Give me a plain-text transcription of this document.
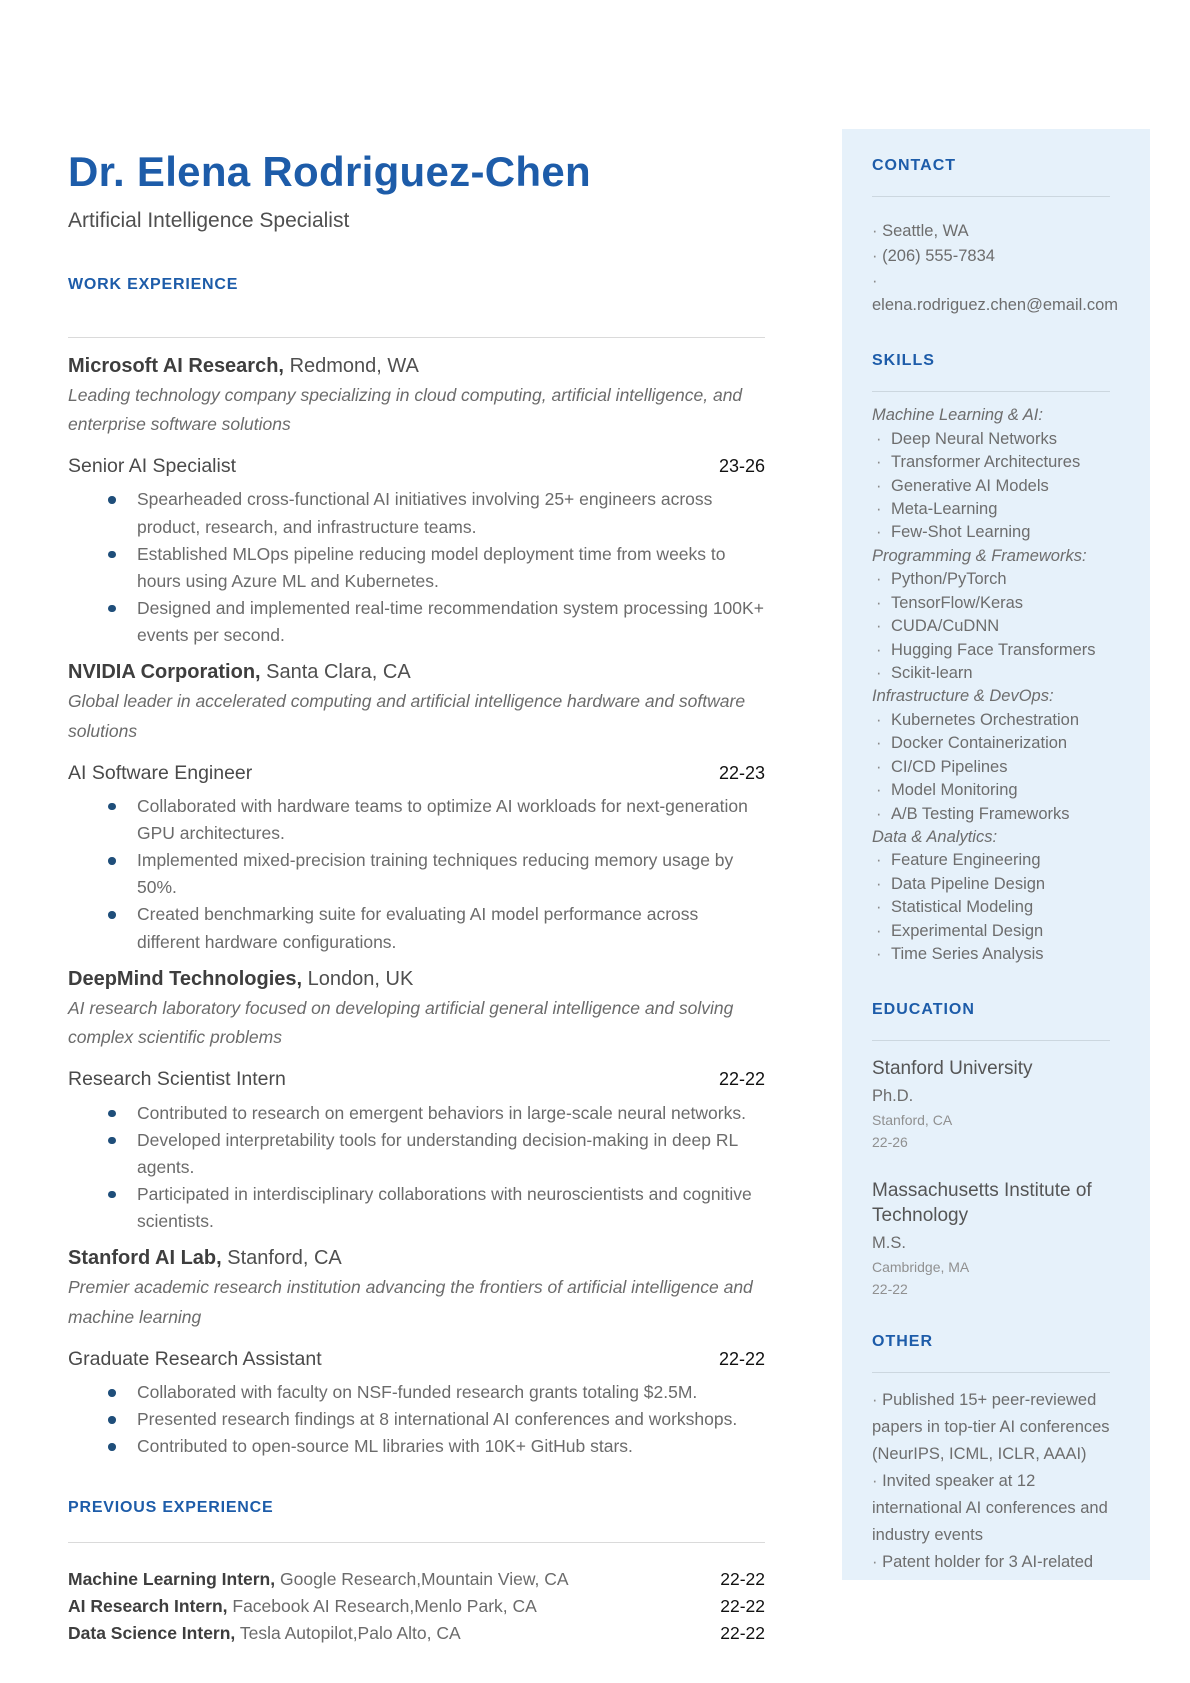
CONTACT
· Seattle, WA
· (206) 555-7834
· elena.rodriguez.chen@email.com
SKILLS
Machine Learning & AI:
· Deep Neural Networks
· Transformer Architectures
· Generative AI Models
· Meta-Learning
· Few-Shot Learning
Programming & Frameworks:
· Python/PyTorch
· TensorFlow/Keras
· CUDA/CuDNN
· Hugging Face Transformers
· Scikit-learn
Infrastructure & DevOps:
· Kubernetes Orchestration
· Docker Containerization
· CI/CD Pipelines
· Model Monitoring
· A/B Testing Frameworks
Data & Analytics:
· Feature Engineering
· Data Pipeline Design
· Statistical Modeling
· Experimental Design
· Time Series Analysis
EDUCATION
Stanford University
Ph.D.
Stanford, CA
22-26
Massachusetts Institute of Technology
M.S.
Cambridge, MA
22-22
OTHER
· Published 15+ peer-reviewed papers in top-tier AI conferences (NeurIPS, ICML, ICLR, AAAI)
· Invited speaker at 12 international AI conferences and industry events
· Patent holder for 3 AI-related
Dr. Elena Rodriguez-Chen
Artificial Intelligence Specialist
WORK EXPERIENCE
Microsoft AI Research, Redmond, WA
Leading technology company specializing in cloud computing, artificial intelligence, and enterprise software solutions
Senior AI Specialist	23-26
Spearheaded cross-functional AI initiatives involving 25+ engineers across product, research, and infrastructure teams.
Established MLOps pipeline reducing model deployment time from weeks to hours using Azure ML and Kubernetes.
Designed and implemented real-time recommendation system processing 100K+ events per second.
NVIDIA Corporation, Santa Clara, CA
Global leader in accelerated computing and artificial intelligence hardware and software solutions
AI Software Engineer	22-23
Collaborated with hardware teams to optimize AI workloads for next-generation GPU architectures.
Implemented mixed-precision training techniques reducing memory usage by 50%.
Created benchmarking suite for evaluating AI model performance across different hardware configurations.
DeepMind Technologies, London, UK
AI research laboratory focused on developing artificial general intelligence and solving complex scientific problems
Research Scientist Intern	22-22
Contributed to research on emergent behaviors in large-scale neural networks.
Developed interpretability tools for understanding decision-making in deep RL agents.
Participated in interdisciplinary collaborations with neuroscientists and cognitive scientists.
Stanford AI Lab, Stanford, CA
Premier academic research institution advancing the frontiers of artificial intelligence and machine learning
Graduate Research Assistant	22-22
Collaborated with faculty on NSF-funded research grants totaling $2.5M.
Presented research findings at 8 international AI conferences and workshops.
Contributed to open-source ML libraries with 10K+ GitHub stars.
PREVIOUS EXPERIENCE
Machine Learning Intern, Google Research,Mountain View, CA	22-22
AI Research Intern, Facebook AI Research,Menlo Park, CA	22-22
Data Science Intern, Tesla Autopilot,Palo Alto, CA	22-22
